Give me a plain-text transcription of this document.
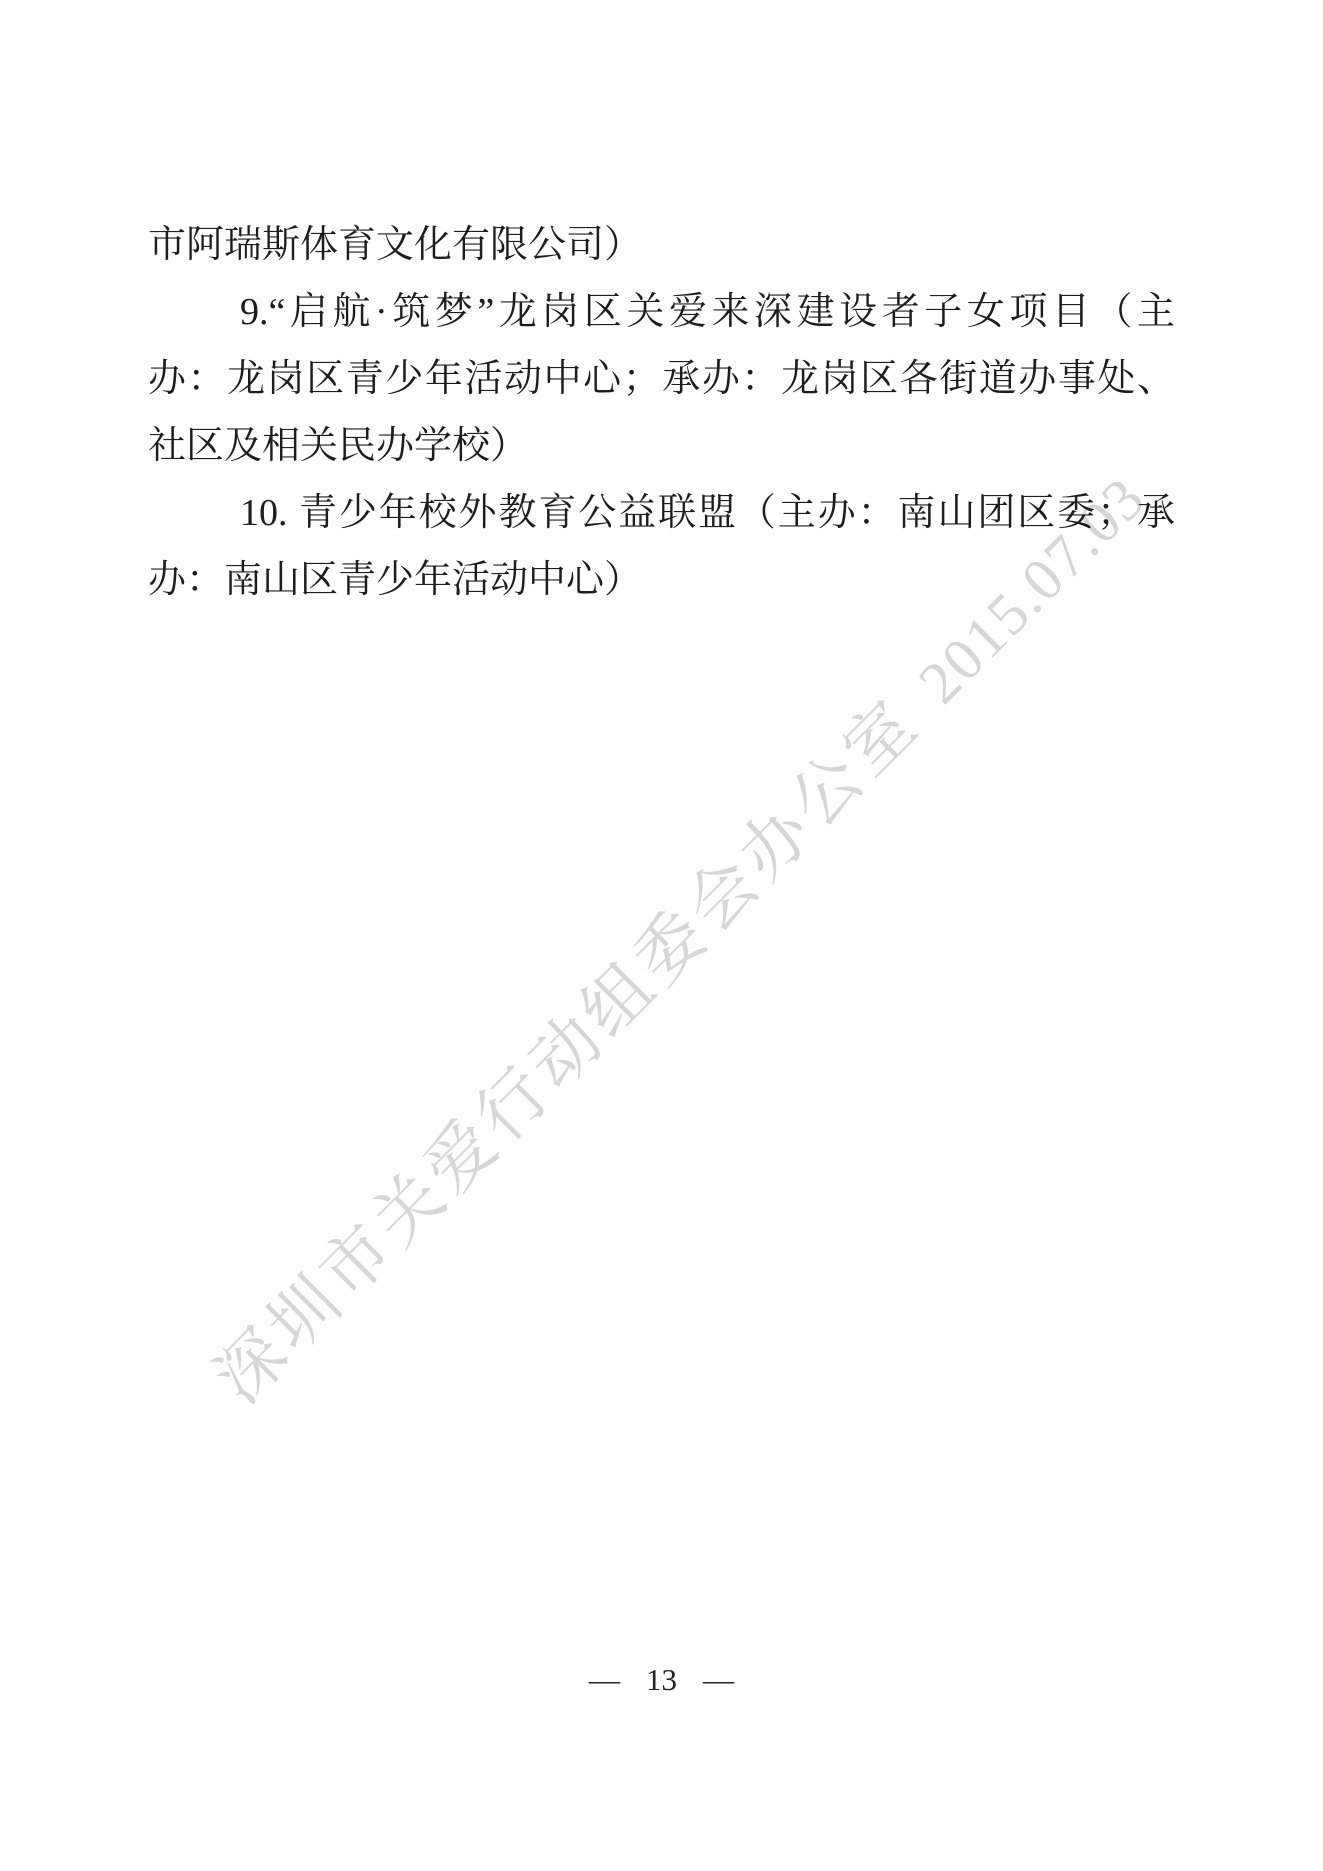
深圳市关爱行动组委会办公室2015.07.03
市阿瑞斯体育文化有限公司）
9.“启航·筑梦”龙岗区关爱来深建设者子女项目（主
办：龙岗区青少年活动中心；承办：龙岗区各街道办事处、
社区及相关民办学校）
10. 青少年校外教育公益联盟（主办：南山团区委；承
办：南山区青少年活动中心）
— 13 —
